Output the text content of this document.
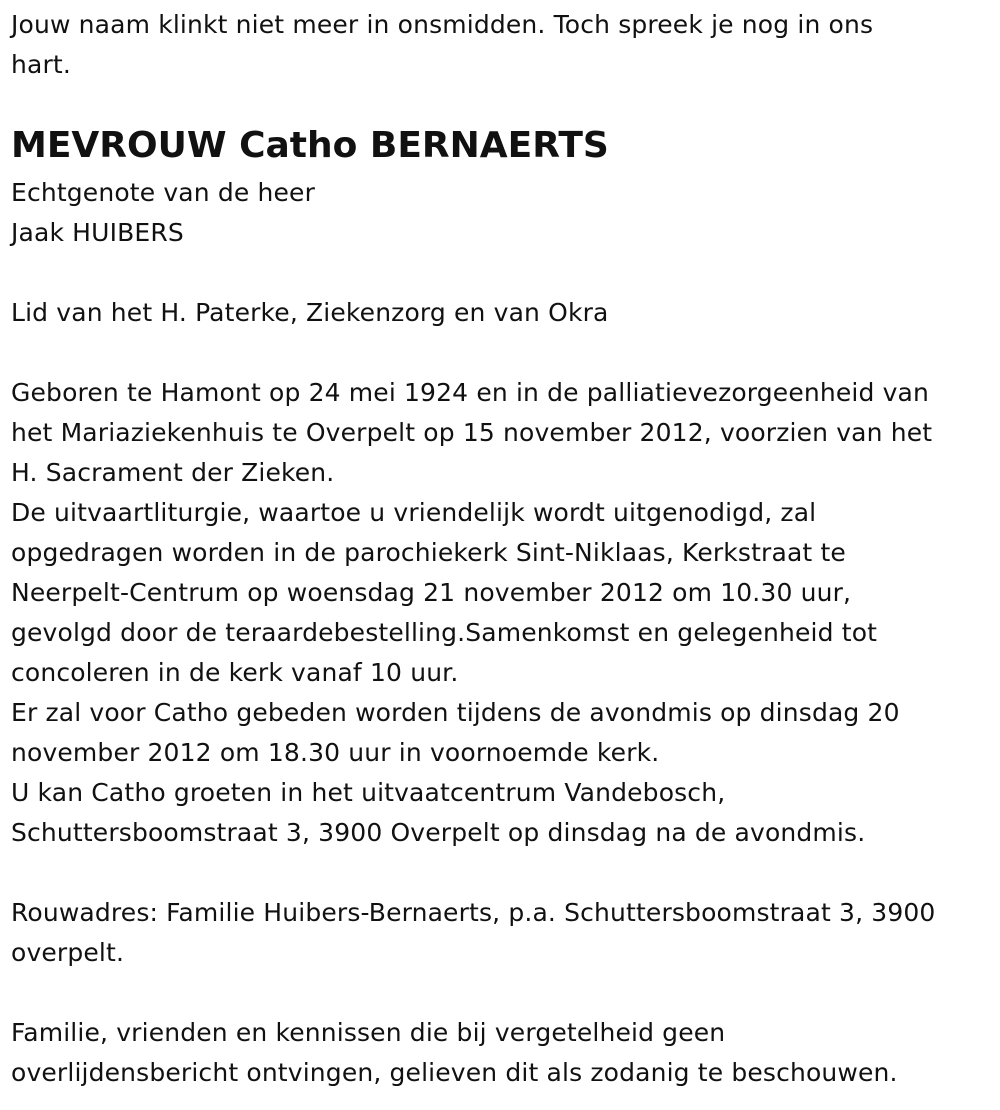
Jouw naam klinkt niet meer in onsmidden. Toch spreek je nog in ons
hart.
MEVROUW Catho BERNAERTS
Echtgenote van de heer
Jaak HUIBERS
Lid van het H. Paterke, Ziekenzorg en van Okra
Geboren te Hamont op 24 mei 1924 en in de palliatievezorgeenheid van
het Mariaziekenhuis te Overpelt op 15 november 2012, voorzien van het
H. Sacrament der Zieken.
De uitvaartliturgie, waartoe u vriendelijk wordt uitgenodigd, zal
opgedragen worden in de parochiekerk Sint-Niklaas, Kerkstraat te
Neerpelt-Centrum op woensdag 21 november 2012 om 10.30 uur,
gevolgd door de teraardebestelling.Samenkomst en gelegenheid tot
concoleren in de kerk vanaf 10 uur.
Er zal voor Catho gebeden worden tijdens de avondmis op dinsdag 20
november 2012 om 18.30 uur in voornoemde kerk.
U kan Catho groeten in het uitvaatcentrum Vandebosch,
Schuttersboomstraat 3, 3900 Overpelt op dinsdag na de avondmis.
Rouwadres: Familie Huibers-Bernaerts, p.a. Schuttersboomstraat 3, 3900
overpelt.
Familie, vrienden en kennissen die bij vergetelheid geen
overlijdensbericht ontvingen, gelieven dit als zodanig te beschouwen.
